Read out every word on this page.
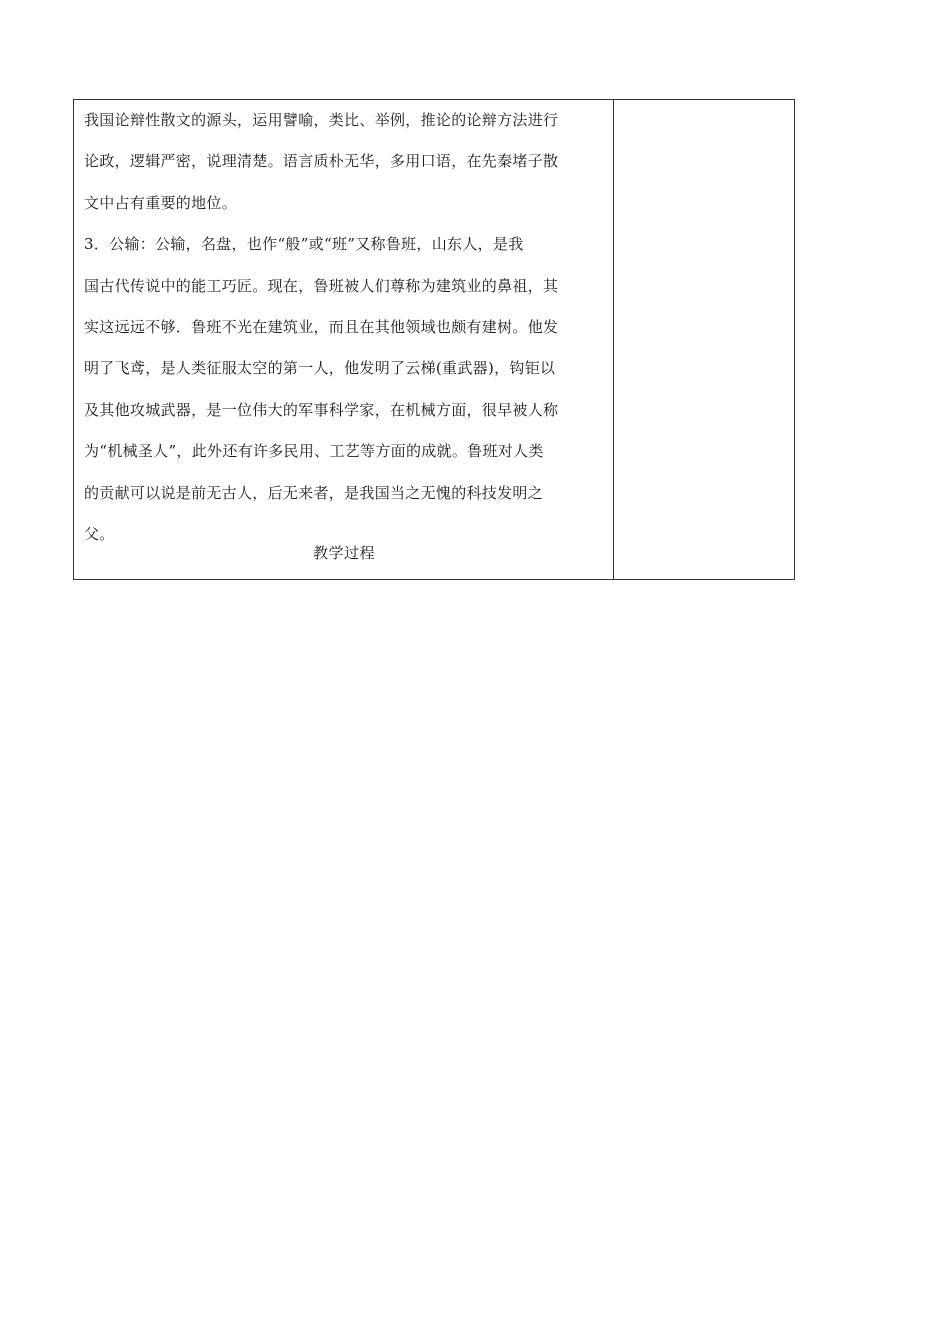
我国论辩性散文的源头，运用譬喻，类比、举例，推论的论辩方法进行
论政，逻辑严密，说理清楚。语言质朴无华，多用口语，在先秦堵子散
文中占有重要的地位。
3．公输：公输，名盘，也作“般”或“班”又称鲁班，山东人，是我
国古代传说中的能工巧匠。现在，鲁班被人们尊称为建筑业的鼻祖，其
实这远远不够．鲁班不光在建筑业，而且在其他领域也颇有建树。他发
明了飞鸢，是人类征服太空的第一人，他发明了云梯(重武器)，钩钜以
及其他攻城武器，是一位伟大的军事科学家，在机械方面，很早被人称
为“机械圣人”，此外还有许多民用、工艺等方面的成就。鲁班对人类
的贡献可以说是前无古人，后无来者，是我国当之无愧的科技发明之
父。
教学过程
